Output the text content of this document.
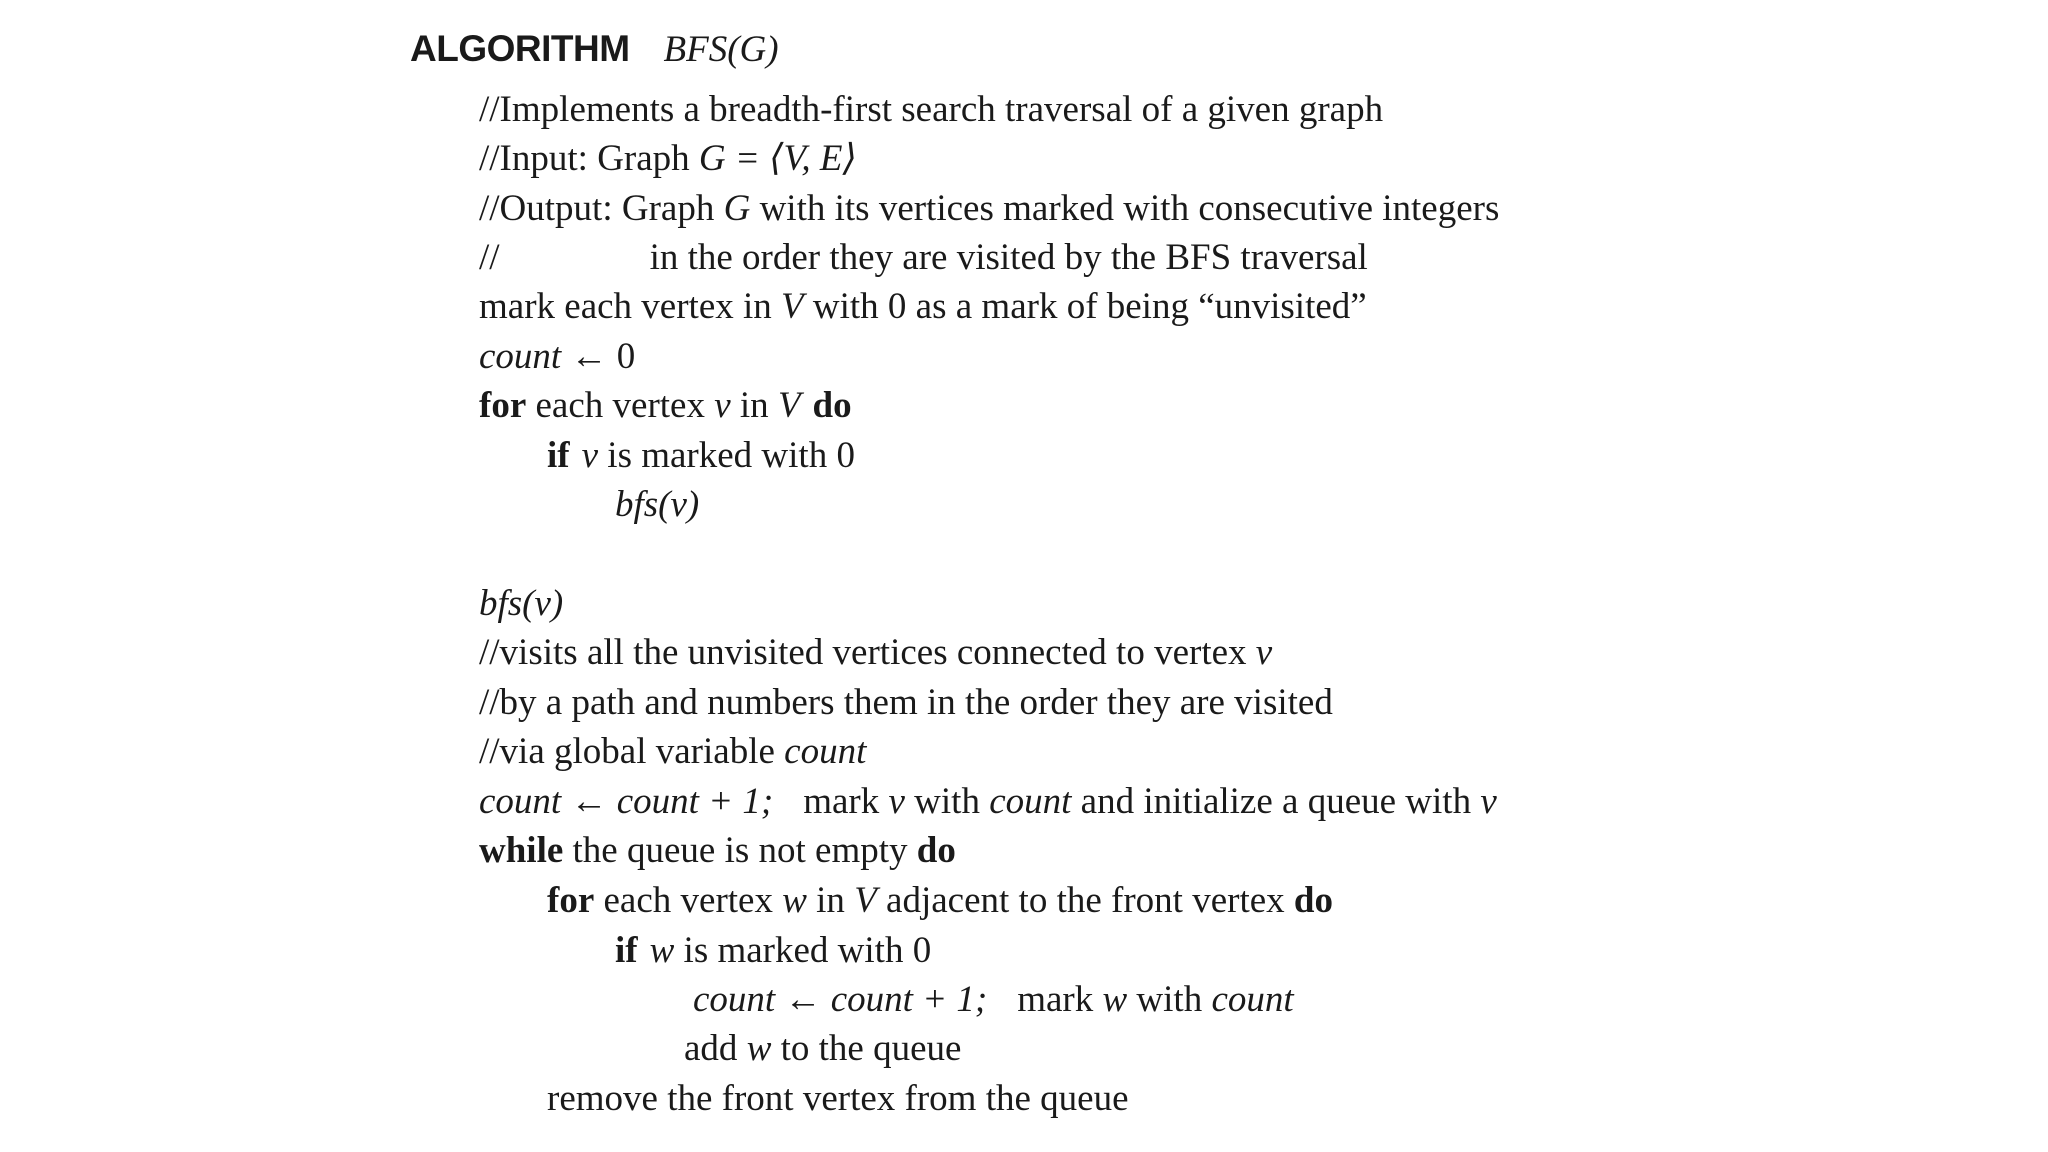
ALGORITHM BFS(G)
//Implements a breadth-first search traversal of a given graph
//Input: Graph G = ⟨V, E⟩
//Output: Graph G with its vertices marked with consecutive integers
//	in the order they are visited by the BFS traversal
mark each vertex in V with 0 as a mark of being “unvisited”
count ← 0
for each vertex v in V do
if v is marked with 0
bfs(v)
bfs(v)
//visits all the unvisited vertices connected to vertex v
//by a path and numbers them in the order they are visited
//via global variable count
count ← count + 1; mark v with count and initialize a queue with v
while the queue is not empty do
for each vertex w in V adjacent to the front vertex do
if w is marked with 0
count ← count + 1; mark w with count
add w to the queue
remove the front vertex from the queue
